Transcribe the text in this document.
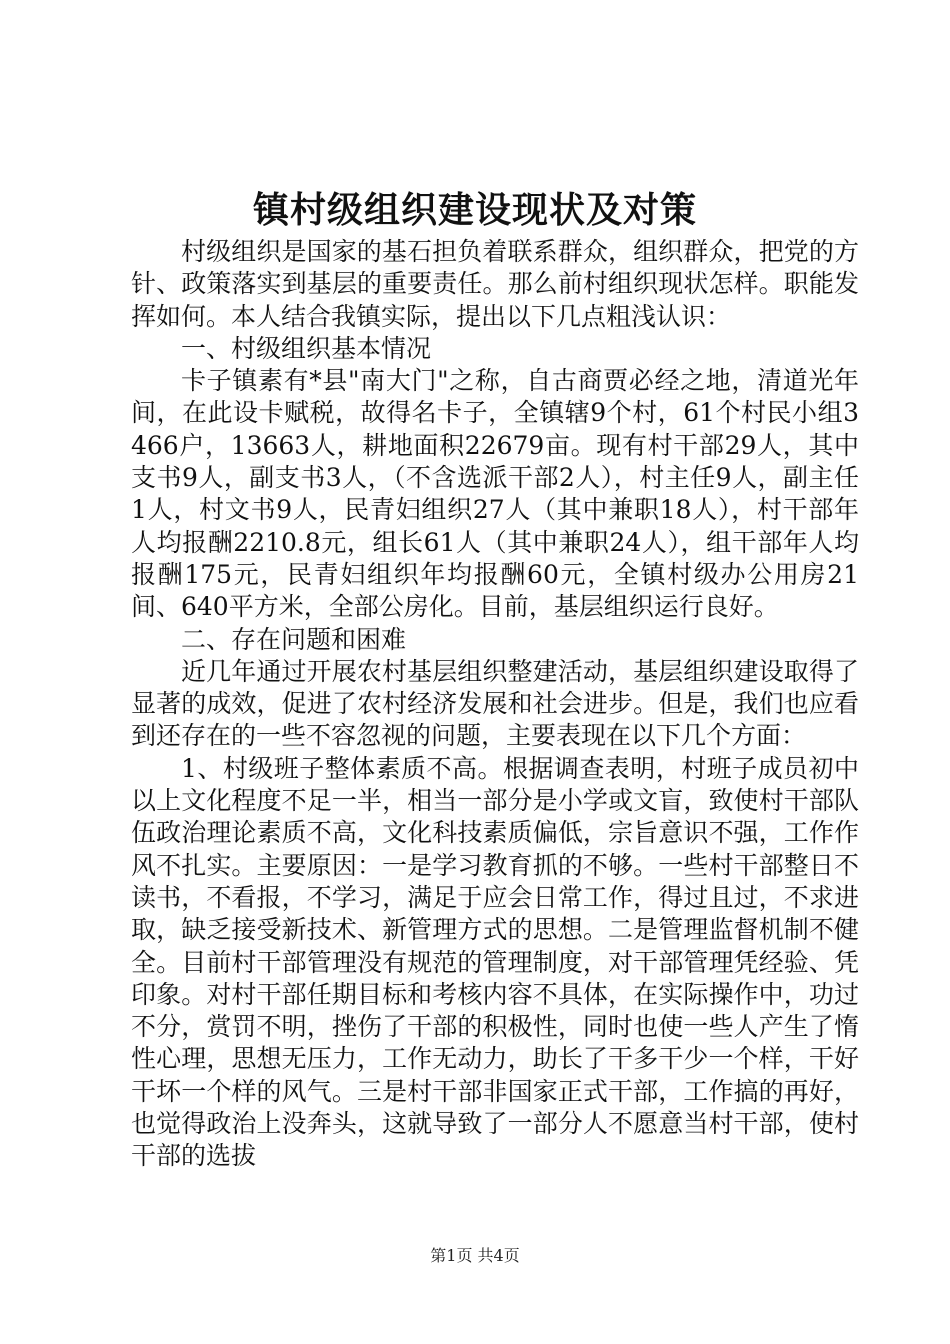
镇村级组织建设现状及对策

村级组织是国家的基石担负着联系群众，组织群众，把党的方针、政策落实到基层的重要责任。那么前村组织现状怎样。职能发挥如何。本人结合我镇实际，提出以下几点粗浅认识：

一、村级组织基本情况

卡子镇素有*县"南大门"之称，自古商贾必经之地，清道光年间，在此设卡赋税，故得名卡子，全镇辖9个村，61个村民小组3466户，13663人，耕地面积22679亩。现有村干部29人，其中支书9人，副支书3人，（不含选派干部2人），村主任9人，副主任1人，村文书9人，民青妇组织27人（其中兼职18人），村干部年人均报酬2210.8元，组长61人（其中兼职24人），组干部年人均报酬175元，民青妇组织年均报酬60元，全镇村级办公用房21间、640平方米，全部公房化。目前，基层组织运行良好。

二、存在问题和困难

近几年通过开展农村基层组织整建活动，基层组织建设取得了显著的成效，促进了农村经济发展和社会进步。但是，我们也应看到还存在的一些不容忽视的问题，主要表现在以下几个方面：

1、村级班子整体素质不高。根据调查表明，村班子成员初中以上文化程度不足一半，相当一部分是小学或文盲，致使村干部队伍政治理论素质不高，文化科技素质偏低，宗旨意识不强，工作作风不扎实。主要原因：一是学习教育抓的不够。一些村干部整日不读书，不看报，不学习，满足于应会日常工作，得过且过，不求进取，缺乏接受新技术、新管理方式的思想。二是管理监督机制不健全。目前村干部管理没有规范的管理制度，对干部管理凭经验、凭印象。对村干部任期目标和考核内容不具体，在实际操作中，功过不分，赏罚不明，挫伤了干部的积极性，同时也使一些人产生了惰性心理，思想无压力，工作无动力，助长了干多干少一个样，干好干坏一个样的风气。三是村干部非国家正式干部，工作搞的再好，也觉得政治上没奔头，这就导致了一部分人不愿意当村干部，使村干部的选拔

第1页 共4页
